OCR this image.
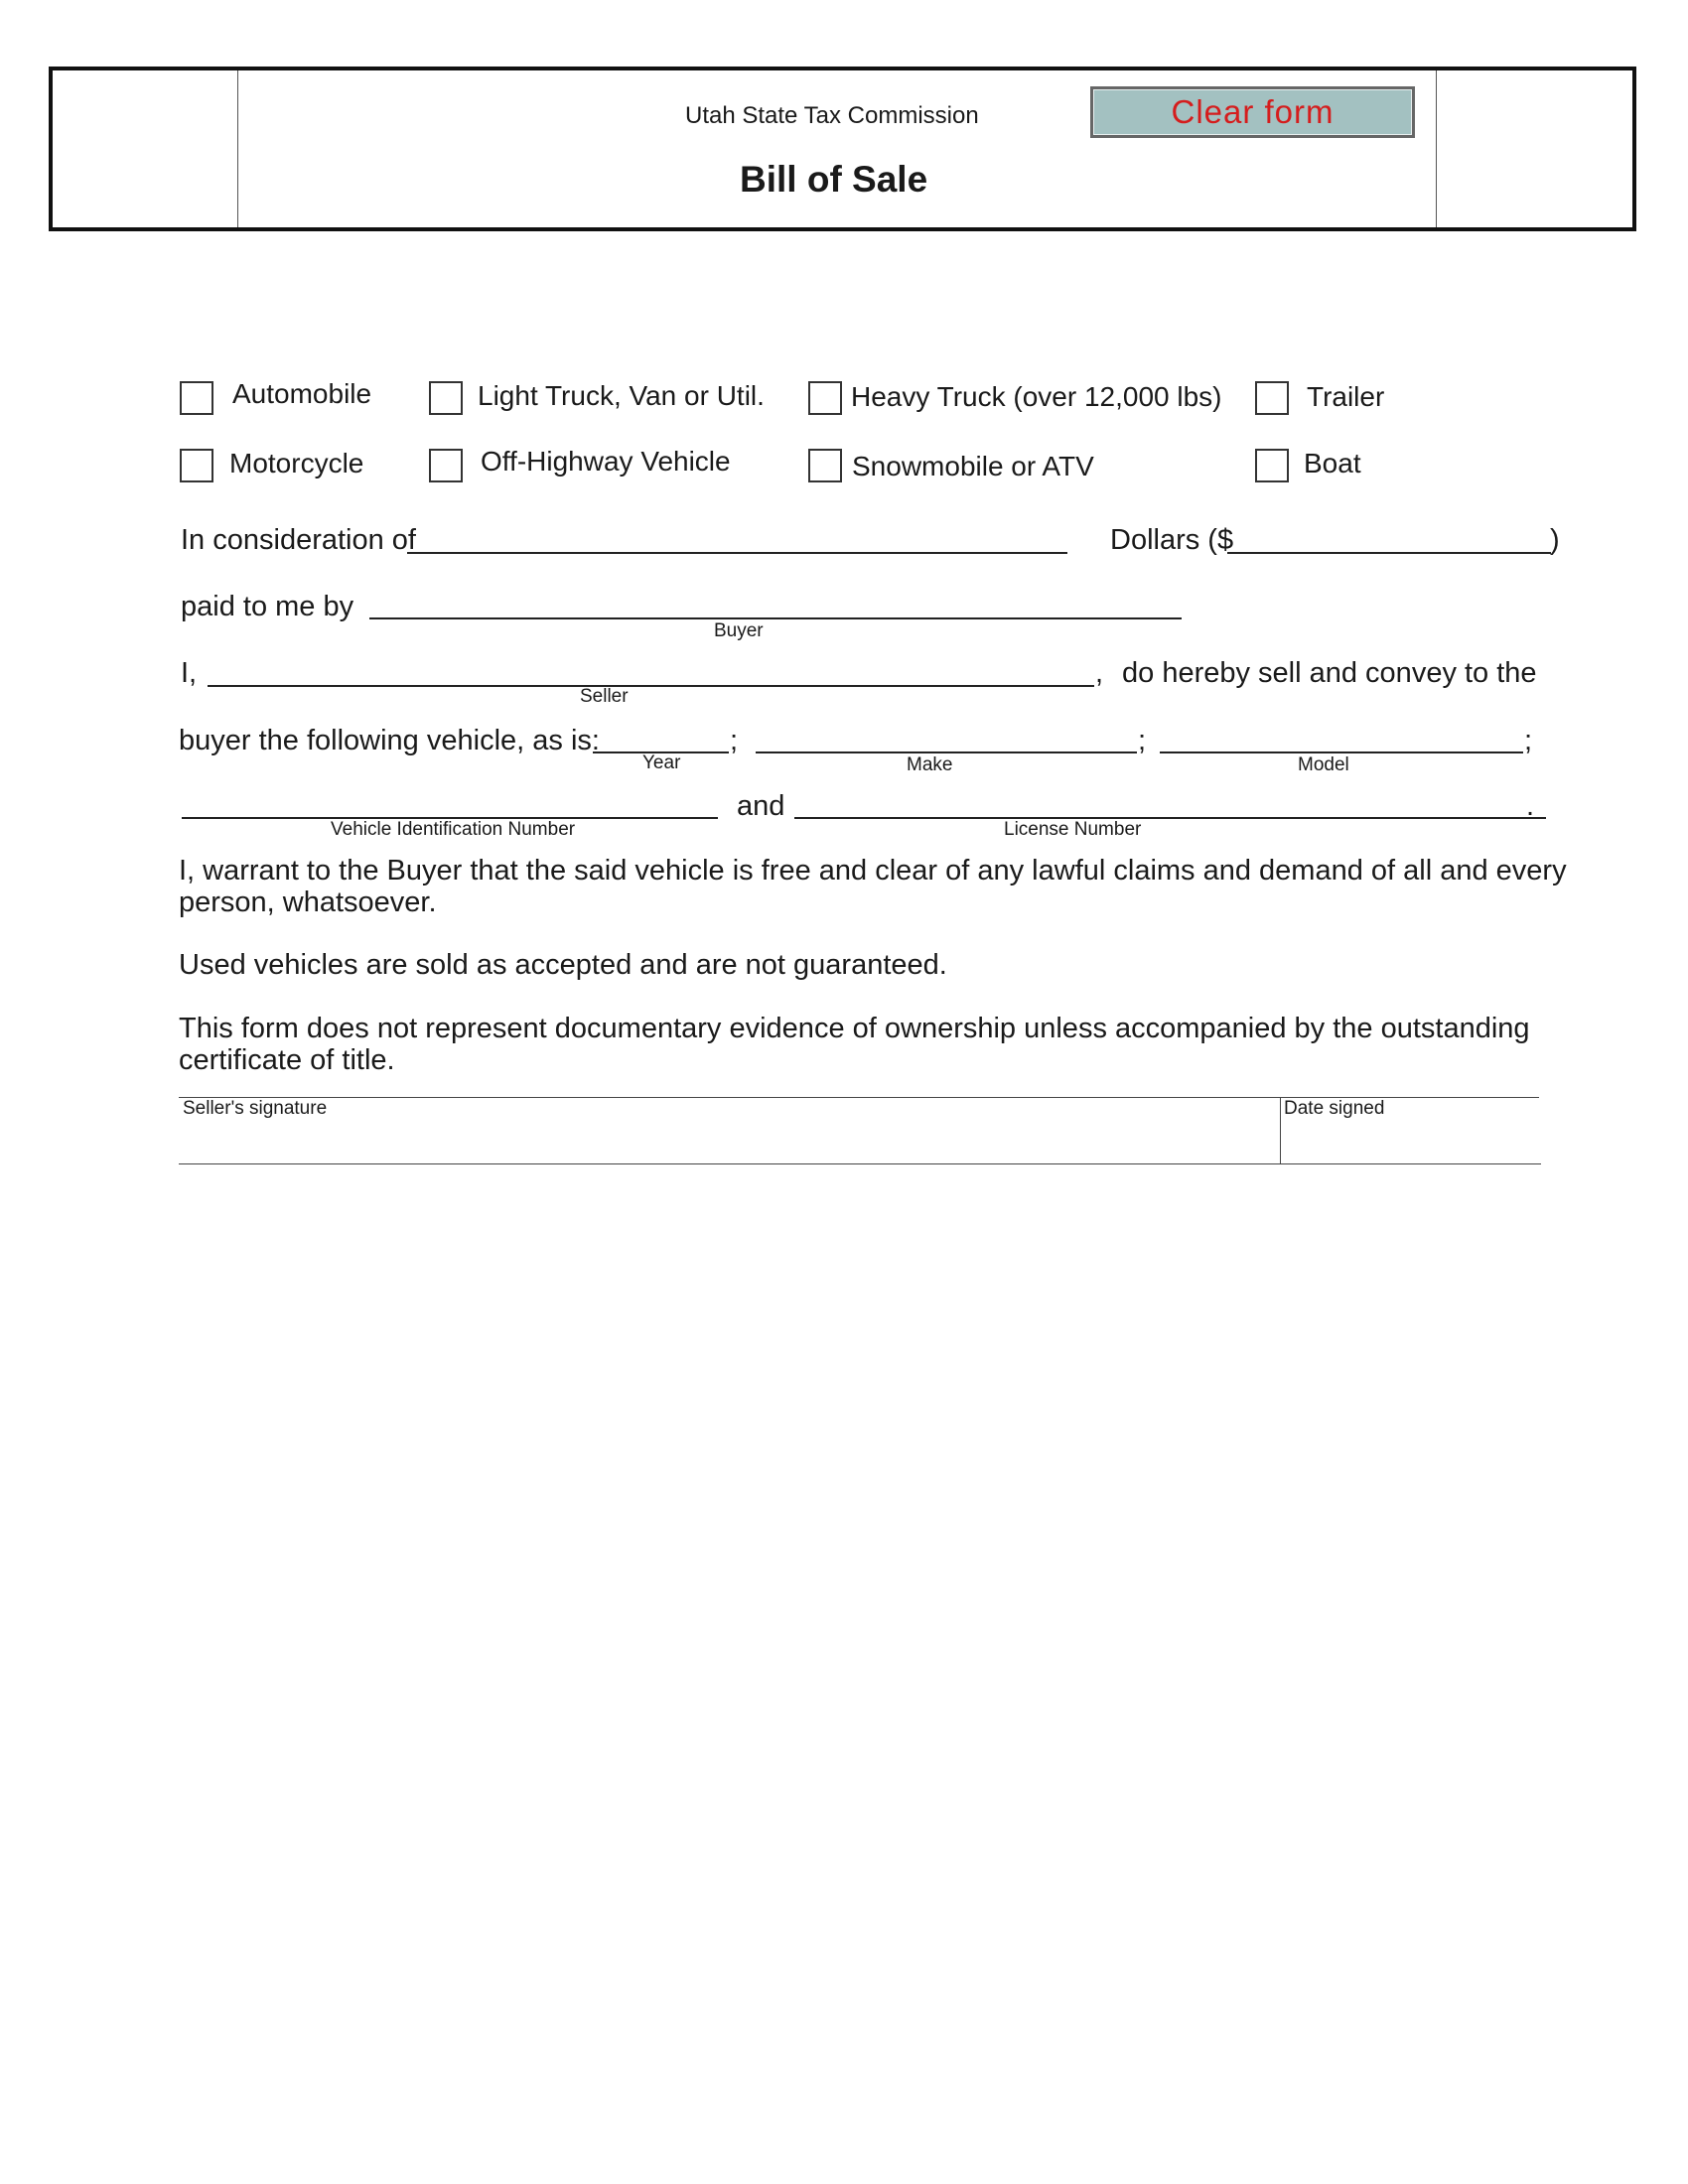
Utah State Tax Commission
Bill of Sale
Clear form
Automobile	Light Truck, Van or Util.	Heavy Truck (over 12,000 lbs)	Trailer
Motorcycle	Off-Highway Vehicle	Snowmobile or ATV	Boat
In consideration of	Dollars ($	)
paid to me by
Buyer
I,
Seller
, do hereby sell and convey to the
buyer the following vehicle, as is:	;
Year
;
Make
;
Model
Vehicle Identification Number
and	.
License Number
I, warrant to the Buyer that the said vehicle is free and clear of any lawful claims and demand of all and every person, whatsoever.
Used vehicles are sold as accepted and are not guaranteed.
This form does not represent documentary evidence of ownership unless accompanied by the outstanding certificate of title.
Seller's signature	Date signed
